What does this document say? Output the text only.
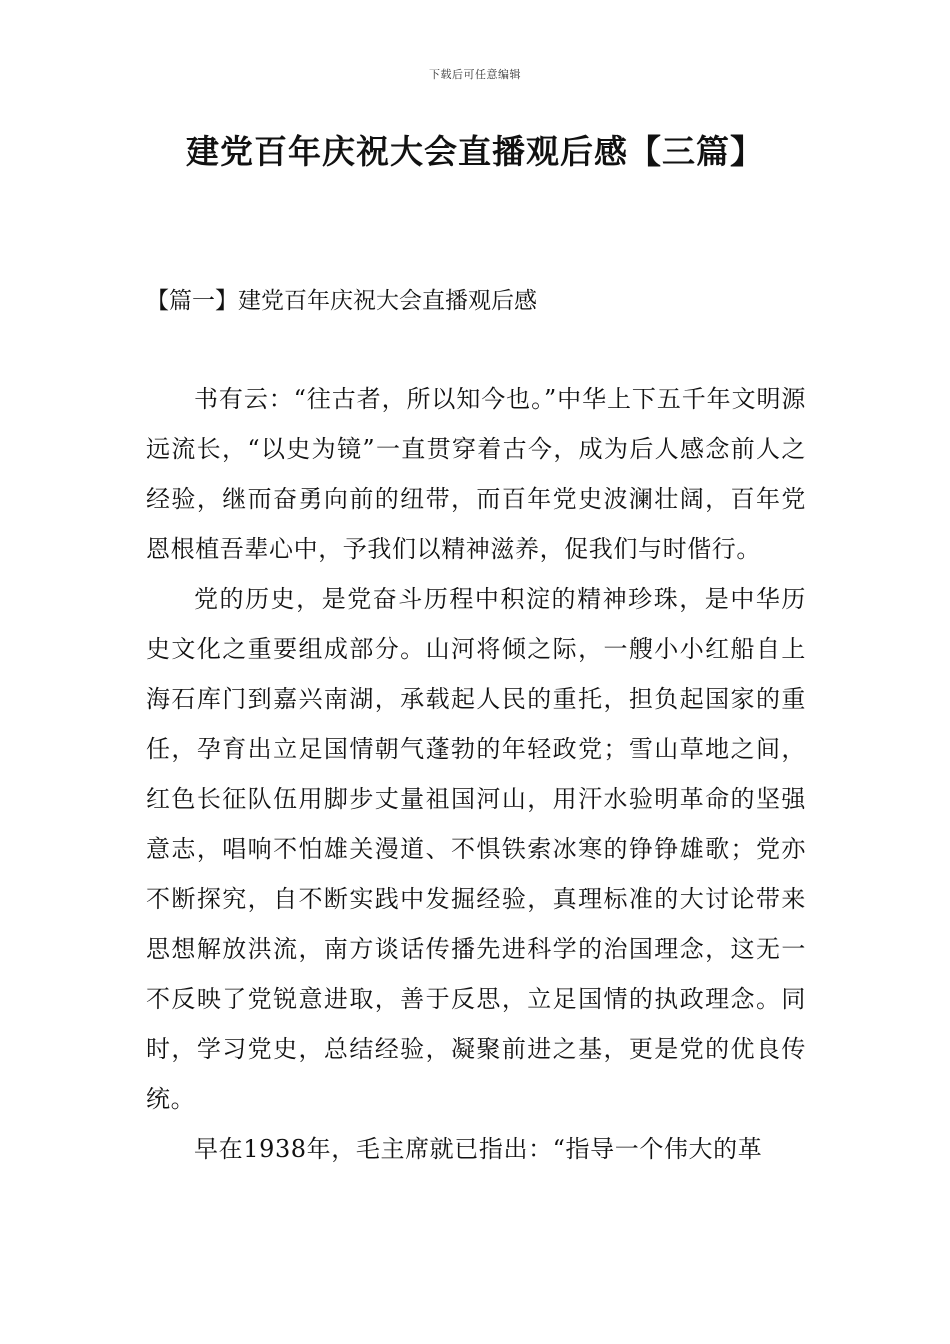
下载后可任意编辑
建党百年庆祝大会直播观后感【三篇】
【篇一】建党百年庆祝大会直播观后感

书有云：“往古者，所以知今也。”中华上下五千年文明源远流长，“以史为镜”一直贯穿着古今，成为后人感念前人之经验，继而奋勇向前的纽带，而百年党史波澜壮阔，百年党恩根植吾辈心中，予我们以精神滋养，促我们与时偕行。

党的历史，是党奋斗历程中积淀的精神珍珠，是中华历史文化之重要组成部分。山河将倾之际，一艘小小红船自上海石库门到嘉兴南湖，承载起人民的重托，担负起国家的重任，孕育出立足国情朝气蓬勃的年轻政党；雪山草地之间，红色长征队伍用脚步丈量祖国河山，用汗水验明革命的坚强意志，唱响不怕雄关漫道、不惧铁索冰寒的铮铮雄歌；党亦不断探究，自不断实践中发掘经验，真理标准的大讨论带来思想解放洪流，南方谈话传播先进科学的治国理念，这无一不反映了党锐意进取，善于反思，立足国情的执政理念。同时，学习党史，总结经验，凝聚前进之基，更是党的优良传统。

早在1938年，毛主席就已指出：“指导一个伟大的革
